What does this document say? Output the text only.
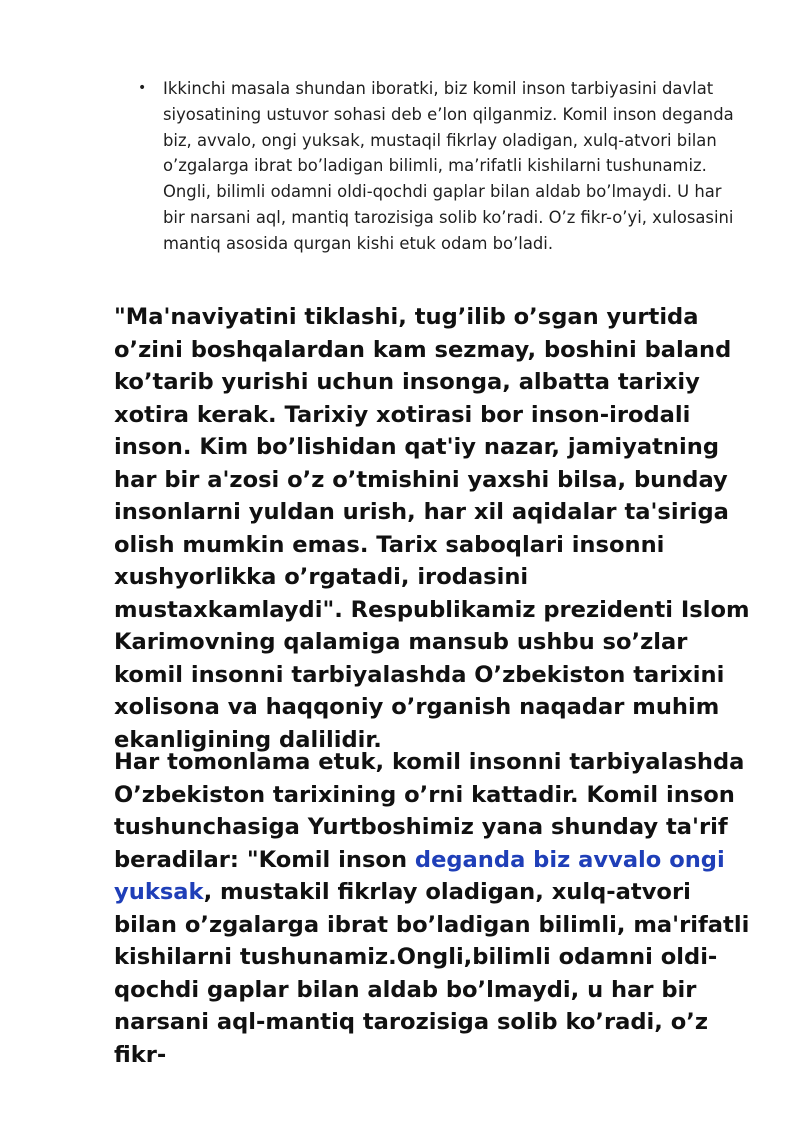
• Ikkinchi masala shundan iboratki, biz komil inson tarbiyasini davlat siyosatining ustuvor sohasi deb e’lon qilganmiz. Komil inson deganda biz, avvalo, ongi yuksak, mustaqil fikrlay oladigan, xulq-atvori bilan o’zgalarga ibrat bo’ladigan bilimli, ma’rifatli kishilarni tushunamiz. Ongli, bilimli odamni oldi-qochdi gaplar bilan aldab bo’lmaydi. U har bir narsani aql, mantiq tarozisiga solib ko’radi. O’z fikr-o’yi, xulosasini mantiq asosida qurgan kishi etuk odam bo’ladi.

"Ma'naviyatini tiklashi, tug’ilib o’sgan yurtida o’zini boshqalardan kam sezmay, boshini baland ko’tarib yurishi uchun insonga, albatta tarixiy xotira kerak. Tarixiy xotirasi bor inson-irodali inson. Kim bo’lishidan qat'iy nazar, jamiyatning har bir a'zosi o’z o’tmishini yaxshi bilsa, bunday insonlarni yuldan urish, har xil aqidalar ta'siriga olish mumkin emas. Tarix saboqlari insonni xushyorlikka o’rgatadi, irodasini mustaxkamlaydi". Respublikamiz prezidenti Islom Karimovning qalamiga mansub ushbu so’zlar komil insonni tarbiyalashda O’zbekiston tarixini xolisona va haqqoniy o’rganish naqadar muhim ekanligining dalilidir.

Har tomonlama etuk, komil insonni tarbiyalashda O’zbekiston tarixining o’rni kattadir. Komil inson tushunchasiga Yurtboshimiz yana shunday ta'rif beradilar: "Komil inson deganda biz avvalo ongi yuksak, mustakil fikrlay oladigan, xulq-atvori bilan o’zgalarga ibrat bo’ladigan bilimli, ma'rifatli kishilarni tushunamiz.Ongli,bilimli odamni oldi-qochdi gaplar bilan aldab bo’lmaydi, u har bir narsani aql-mantiq tarozisiga solib ko’radi, o’z fikr-
